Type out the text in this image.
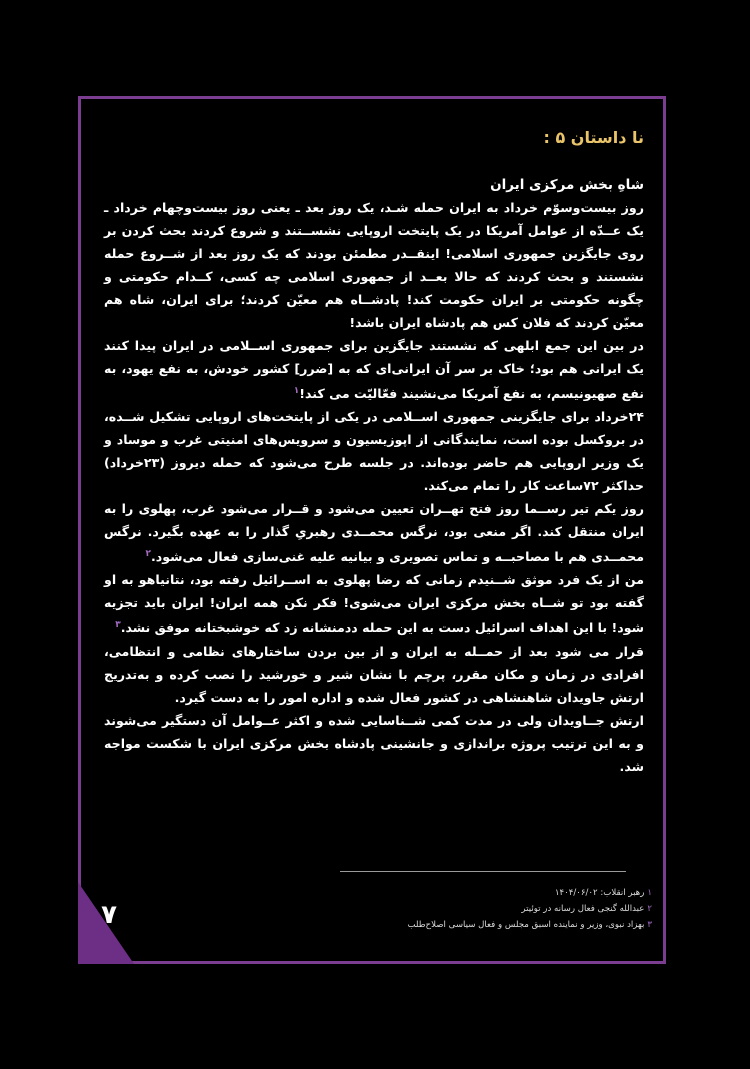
۷
نا داستان ۵ :
شاهِ بخش مرکزی ایران

روز بیست‌وسوّم خرداد به ایران حمله شـد، یک روز بعد ـ یعنی روز بیست‌وچهام خرداد ـ یک عــدّه از عوامل آمریکا در یک پایتخت اروپایی نشســتند و شروع کردند بحث کردن بر روی جایگزین جمهوری اسلامی! اینقــدر مطمئن بودند که یک روز بعد از شــروع حمله نشستند و بحث کردند که حالا بعــد از جمهوری اسلامی چه کسی، کــدام حکومتی و چگونه حکومتی بر ایران حکومت کند! پادشــاه هم معیّن کردند؛ برای ایران، شاه هم معیّن کردند که فلان کس هم پادشاه ایران باشد!

در بین این جمع ابلهی که نشستند جایگزین برای جمهوری اســلامی در ایران پیدا کنند یک ایرانی هم بود؛ خاک بر سر آن ایرانی‌ای که به [ضرر] کشور خودش، به نفع یهود، به نفع صهیونیسم، به نفع آمریکا می‌نشیند فعّالیّت می کند!$^۱$

۲۴خرداد برای جایگزینی جمهوری اســلامی در یکی از پایتخت‌های اروپایی تشکیل شــده، در بروکسل بوده است، نمایندگانی از اپوزیسیون و سرویس‌های امنیتی غرب و موساد و یک وزیر اروپایی هم حاضر بوده‌اند. در جلسه طرح می‌شود که حمله دیروز (۲۳خرداد) حداکثر ۷۲ساعت کار را تمام می‌کند.

روز یکم تیر رســما روز فتح تهــران تعیین می‌شود و قــرار می‌شود غرب، پهلوی را به ایران منتقل کند. اگر منعی بود، نرگس محمــدی رهبریِ گذار را به عهده بگیرد. نرگس محمــدی هم با مصاحبــه و تماس تصویری و بیانیه علیه غنی‌سازی فعال می‌شود.$^۲$

من از یک فرد موثق شــنیدم زمانی که رضا پهلوی به اســرائیل رفته بود، نتانیاهو به او گفته بود تو شــاه بخش مرکزی ایران می‌شوی! فکر نکن همه ایران! ایران باید تجزیه شود! با این اهداف اسرائیل دست به این حمله ددمنشانه زد که خوشبختانه موفق نشد.$^۳$

قرار می شود بعد از حمــله به ایران و از بین بردن ساختارهای نظامی و انتظامی، افرادی در زمان و مکان مقرر، پرچم با نشان شیر و خورشید را نصب کرده و به‌تدریج ارتش جاویدان شاهنشاهی در کشور فعال شده و اداره امور را به دست گیرد.

ارتش جــاویدان ولی در مدت کمی شــناسایی شده و اکثر عــوامل آن دستگیر می‌شوند و به این ترتیب پروژه براندازی و جانشینی پادشاه بخش مرکزی ایران با شکست مواجه شد.

۱رهبر انقلاب: ۱۴۰۴/۰۶/۰۲
۲عبدالله گنجی فعال رسانه در توئیتر
۳بهزاد نبوی، وزیر و نماینده اسبق مجلس و فعال سیاسی اصلاح‌طلب
